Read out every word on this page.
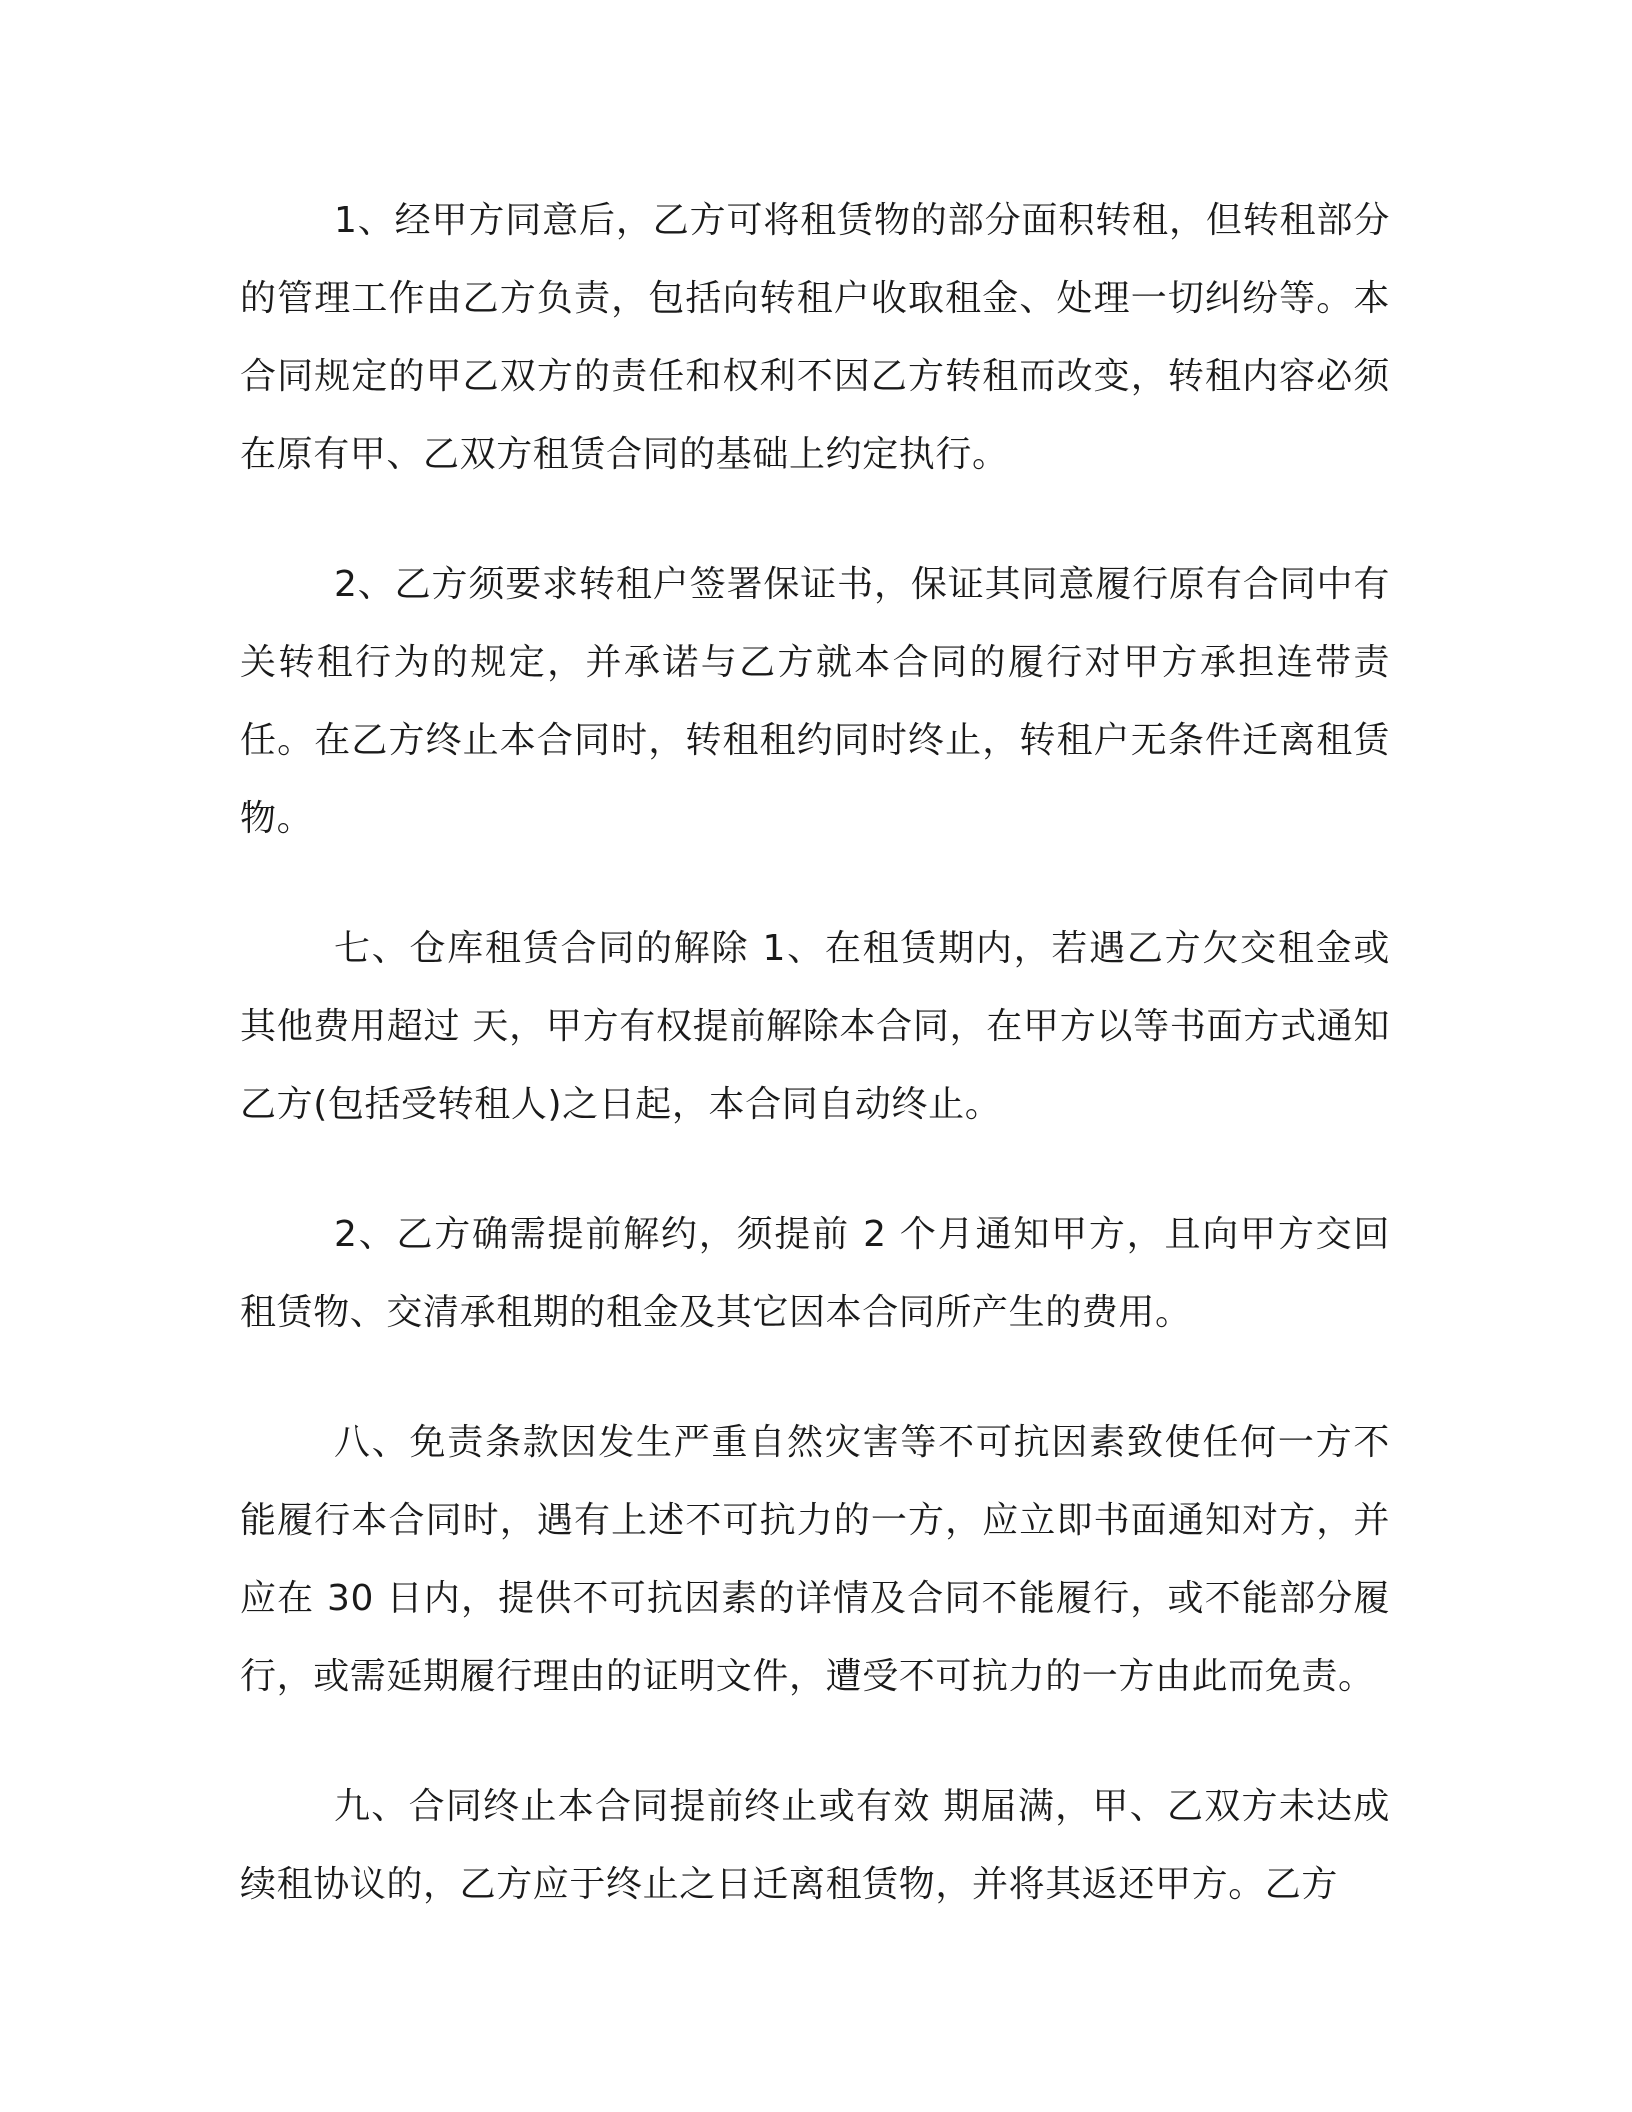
1、经甲方同意后，乙方可将租赁物的部分面积转租，但转租部分的管理工作由乙方负责，包括向转租户收取租金、处理一切纠纷等。本合同规定的甲乙双方的责任和权利不因乙方转租而改变，转租内容必须在原有甲、乙双方租赁合同的基础上约定执行。

2、乙方须要求转租户签署保证书，保证其同意履行原有合同中有关转租行为的规定，并承诺与乙方就本合同的履行对甲方承担连带责任。在乙方终止本合同时，转租租约同时终止，转租户无条件迁离租赁物。

七、仓库租赁合同的解除 1、在租赁期内，若遇乙方欠交租金或其他费用超过 天，甲方有权提前解除本合同，在甲方以等书面方式通知乙方(包括受转租人)之日起，本合同自动终止。

2、乙方确需提前解约，须提前 2 个月通知甲方，且向甲方交回租赁物、交清承租期的租金及其它因本合同所产生的费用。

八、免责条款因发生严重自然灾害等不可抗因素致使任何一方不能履行本合同时，遇有上述不可抗力的一方，应立即书面通知对方，并应在 30 日内，提供不可抗因素的详情及合同不能履行，或不能部分履行，或需延期履行理由的证明文件，遭受不可抗力的一方由此而免责。

九、合同终止本合同提前终止或有效 期届满，甲、乙双方未达成续租协议的，乙方应于终止之日迁离租赁物，并将其返还甲方。乙方
